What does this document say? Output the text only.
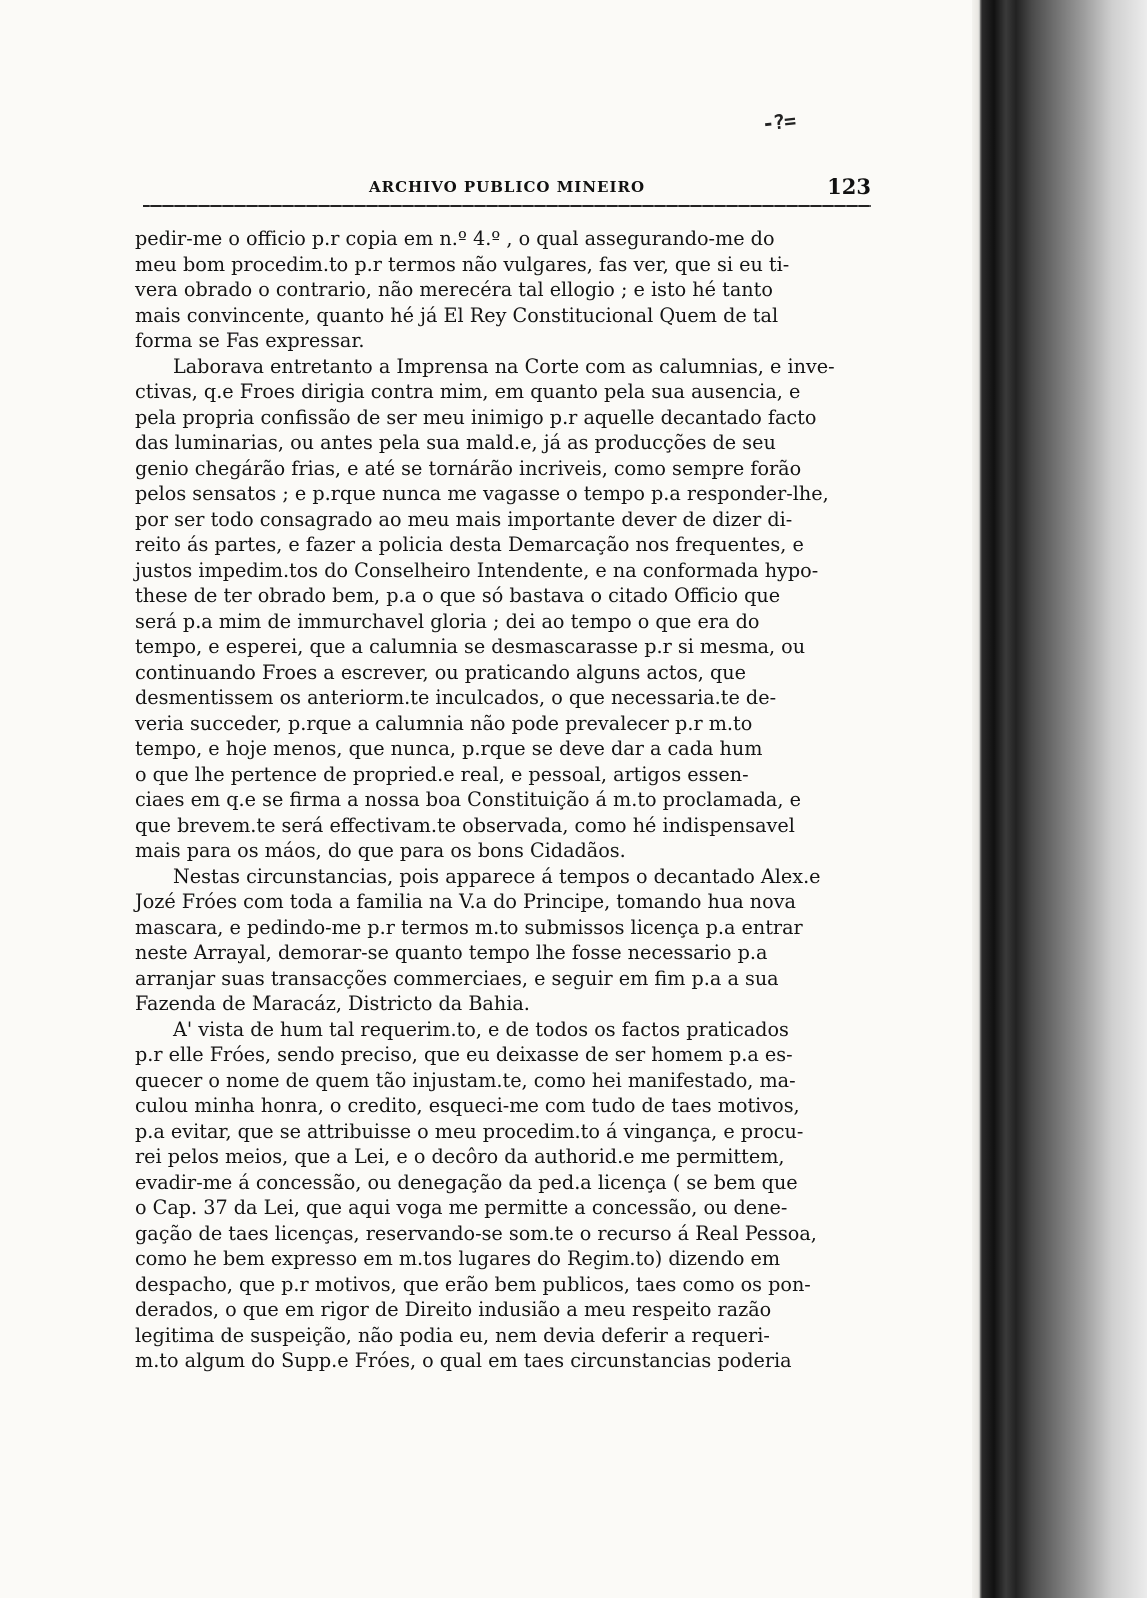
-?=
ARCHIVO PUBLICO MINEIRO	123
pedir-me o officio p.r copia em n.º 4.º , o qual assegurando-me do
meu bom procedim.to p.r termos não vulgares, fas ver, que si eu ti-
vera obrado o contrario, não merecéra tal ellogio ; e isto hé tanto
mais convincente, quanto hé já El Rey Constitucional Quem de tal
forma se Fas expressar.
Laborava entretanto a Imprensa na Corte com as calumnias, e inve-
ctivas, q.e Froes dirigia contra mim, em quanto pela sua ausencia, e
pela propria confissão de ser meu inimigo p.r aquelle decantado facto
das luminarias, ou antes pela sua mald.e, já as producções de seu
genio chegárão frias, e até se tornárão incriveis, como sempre forão
pelos sensatos ; e p.rque nunca me vagasse o tempo p.a responder-lhe,
por ser todo consagrado ao meu mais importante dever de dizer di-
reito ás partes, e fazer a policia desta Demarcação nos frequentes, e
justos impedim.tos do Conselheiro Intendente, e na conformada hypo-
these de ter obrado bem, p.a o que só bastava o citado Officio que
será p.a mim de immurchavel gloria ; dei ao tempo o que era do
tempo, e esperei, que a calumnia se desmascarasse p.r si mesma, ou
continuando Froes a escrever, ou praticando alguns actos, que
desmentissem os anteriorm.te inculcados, o que necessaria.te de-
veria succeder, p.rque a calumnia não pode prevalecer p.r m.to
tempo, e hoje menos, que nunca, p.rque se deve dar a cada hum
o que lhe pertence de propried.e real, e pessoal, artigos essen-
ciaes em q.e se firma a nossa boa Constituição á m.to proclamada, e
que brevem.te será effectivam.te observada, como hé indispensavel
mais para os máos, do que para os bons Cidadãos.
Nestas circunstancias, pois apparece á tempos o decantado Alex.e
Jozé Fróes com toda a familia na V.a do Principe, tomando hua nova
mascara, e pedindo-me p.r termos m.to submissos licença p.a entrar
neste Arrayal, demorar-se quanto tempo lhe fosse necessario p.a
arranjar suas transacções commerciaes, e seguir em fim p.a a sua
Fazenda de Maracáz, Districto da Bahia.
A' vista de hum tal requerim.to, e de todos os factos praticados
p.r elle Fróes, sendo preciso, que eu deixasse de ser homem p.a es-
quecer o nome de quem tão injustam.te, como hei manifestado, ma-
culou minha honra, o credito, esqueci-me com tudo de taes motivos,
p.a evitar, que se attribuisse o meu procedim.to á vingança, e procu-
rei pelos meios, que a Lei, e o decôro da authorid.e me permittem,
evadir-me á concessão, ou denegação da ped.a licença ( se bem que
o Cap. 37 da Lei, que aqui voga me permitte a concessão, ou dene-
gação de taes licenças, reservando-se som.te o recurso á Real Pessoa,
como he bem expresso em m.tos lugares do Regim.to) dizendo em
despacho, que p.r motivos, que erão bem publicos, taes como os pon-
derados, o que em rigor de Direito indusião a meu respeito razão
legitima de suspeição, não podia eu, nem devia deferir a requeri-
m.to algum do Supp.e Fróes, o qual em taes circunstancias poderia
